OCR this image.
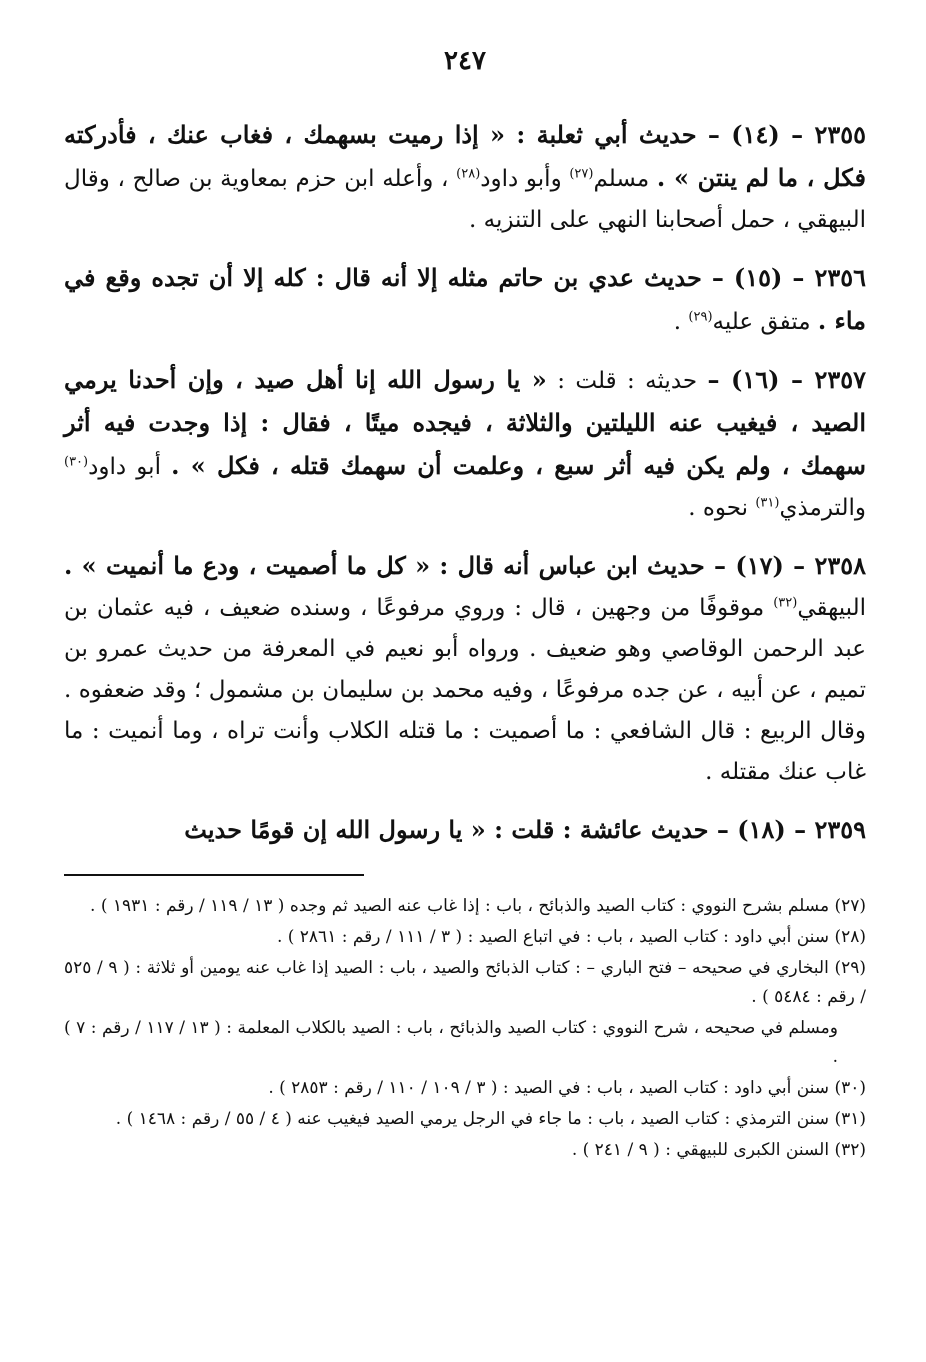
٢٤٧

٢٣٥٥ – (١٤) – حديث أبي ثعلبة : « إذا رميت بسهمك ، فغاب عنك ، فأدركته فكل ، ما لم ينتن » . مسلم$^{(٢٧)}$ وأبو داود$^{(٢٨)}$ ، وأعله ابن حزم بمعاوية بن صالح ، وقال البيهقي ، حمل أصحابنا النهي على التنزيه .

٢٣٥٦ – (١٥) – حديث عدي بن حاتم مثله إلا أنه قال : كله إلا أن تجده وقع في ماء . متفق عليه$^{(٢٩)}$ .

٢٣٥٧ – (١٦) – حديثه : قلت : « يا رسول الله إنا أهل صيد ، وإن أحدنا يرمي الصيد ، فيغيب عنه الليلتين والثلاثة ، فيجده ميتًا ، فقال : إذا وجدت فيه أثر سهمك ، ولم يكن فيه أثر سبع ، وعلمت أن سهمك قتله ، فكل » . أبو داود$^{(٣٠)}$ والترمذي$^{(٣١)}$ نحوه .

٢٣٥٨ – (١٧) – حديث ابن عباس أنه قال : « كل ما أصميت ، ودع ما أنميت » . البيهقي$^{(٣٢)}$ موقوفًا من وجهين ، قال : وروي مرفوعًا ، وسنده ضعيف ، فيه عثمان بن عبد الرحمن الوقاصي وهو ضعيف . ورواه أبو نعيم في المعرفة من حديث عمرو بن تميم ، عن أبيه ، عن جده مرفوعًا ، وفيه محمد بن سليمان بن مشمول ؛ وقد ضعفوه . وقال الربيع : قال الشافعي : ما أصميت : ما قتله الكلاب وأنت تراه ، وما أنميت : ما غاب عنك مقتله .

٢٣٥٩ – (١٨) – حديث عائشة : قلت : « يا رسول الله إن قومًا حديث

(٢٧) مسلم بشرح النووي : كتاب الصيد والذبائح ، باب : إذا غاب عنه الصيد ثم وجده ( ١٣ / ١١٩ / رقم : ١٩٣١ ) .

(٢٨) سنن أبي داود : كتاب الصيد ، باب : في اتباع الصيد : ( ٣ / ١١١ / رقم : ٢٨٦١ ) .

(٢٩) البخاري في صحيحه – فتح الباري – : كتاب الذبائح والصيد ، باب : الصيد إذا غاب عنه يومين أو ثلاثة : ( ٩ / ٥٢٥ / رقم : ٥٤٨٤ ) .

ومسلم في صحيحه ، شرح النووي : كتاب الصيد والذبائح ، باب : الصيد بالكلاب المعلمة : ( ١٣ / ١١٧ / رقم : ٧ ) .

(٣٠) سنن أبي داود : كتاب الصيد ، باب : في الصيد : ( ٣ / ١٠٩ / ١١٠ / رقم : ٢٨٥٣ ) .

(٣١) سنن الترمذي : كتاب الصيد ، باب : ما جاء في الرجل يرمي الصيد فيغيب عنه ( ٤ / ٥٥ / رقم : ١٤٦٨ ) .

(٣٢) السنن الكبرى للبيهقي : ( ٩ / ٢٤١ ) .
